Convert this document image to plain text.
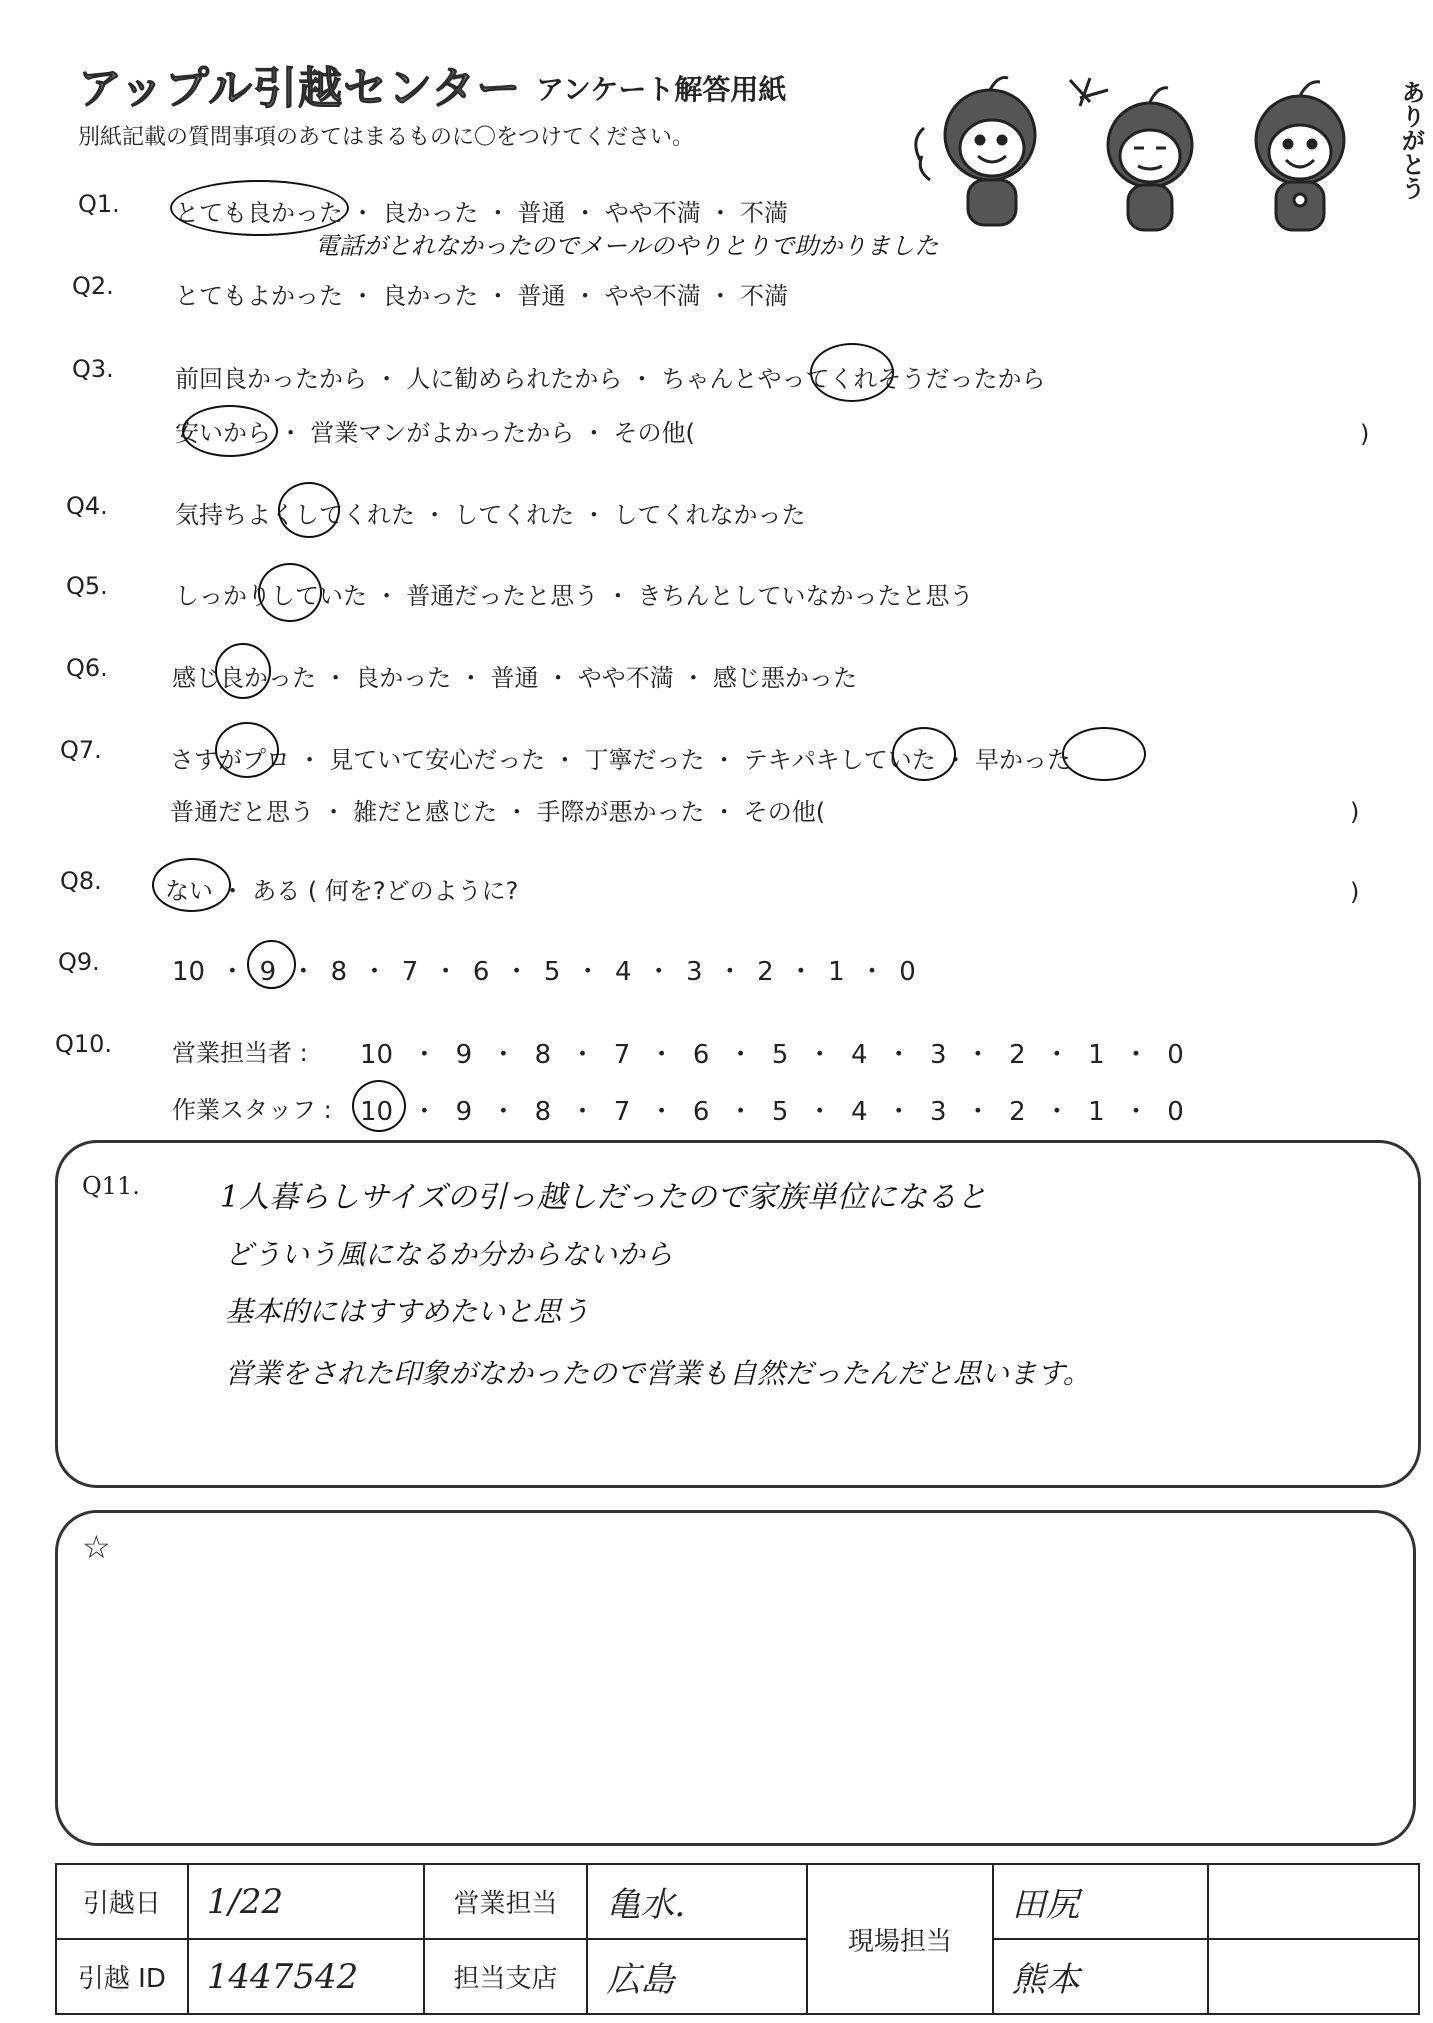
アップル引越センター アンケート解答用紙
別紙記載の質問事項のあてはまるものに〇をつけてください。	ありがとう
Q1. とても良かった ・ 良かった ・ 普通 ・ やや不満 ・ 不満
電話がとれなかったのでメールのやりとりで助かりました
Q2.	とてもよかった ・ 良かった ・ 普通 ・ やや不満 ・ 不満
Q3.	前回良かったから ・ 人に勧められたから ・ ちゃんとやってくれそうだったから
安いから ・ 営業マンがよかったから ・ その他(	)
Q4.	気持ちよくしてくれた ・ してくれた ・ してくれなかった
Q5.	しっかりしていた ・ 普通だったと思う ・ きちんとしていなかったと思う
Q6.	感じ良かった ・ 良かった ・ 普通 ・ やや不満 ・ 感じ悪かった
Q7.	さすがプロ ・ 見ていて安心だった ・ 丁寧だった ・ テキパキしていた ・ 早かった
普通だと思う ・ 雑だと感じた ・ 手際が悪かった ・ その他(	)
Q8.	ない ・ ある ( 何を?どのように?	)
Q9.	10 ・ 9 ・ 8 ・ 7 ・ 6 ・ 5 ・ 4 ・ 3 ・ 2 ・ 1 ・ 0
Q10. 営業担当者 : 10 ・ 9 ・ 8 ・ 7 ・ 6 ・ 5 ・ 4 ・ 3 ・ 2 ・ 1 ・ 0
作業スタッフ : 10 ・ 9 ・ 8 ・ 7 ・ 6 ・ 5 ・ 4 ・ 3 ・ 2 ・ 1 ・ 0
Q11.	1人暮らしサイズの引っ越しだったので家族単位になると
どういう風になるか分からないから
基本的にはすすめたいと思う
営業をされた印象がなかったので営業も自然だったんだと思います。
☆
引越日	1/22	営業担当	亀水.	現場担当	田尻	
引越 ID	1447542	担当支店	広島		熊本	
